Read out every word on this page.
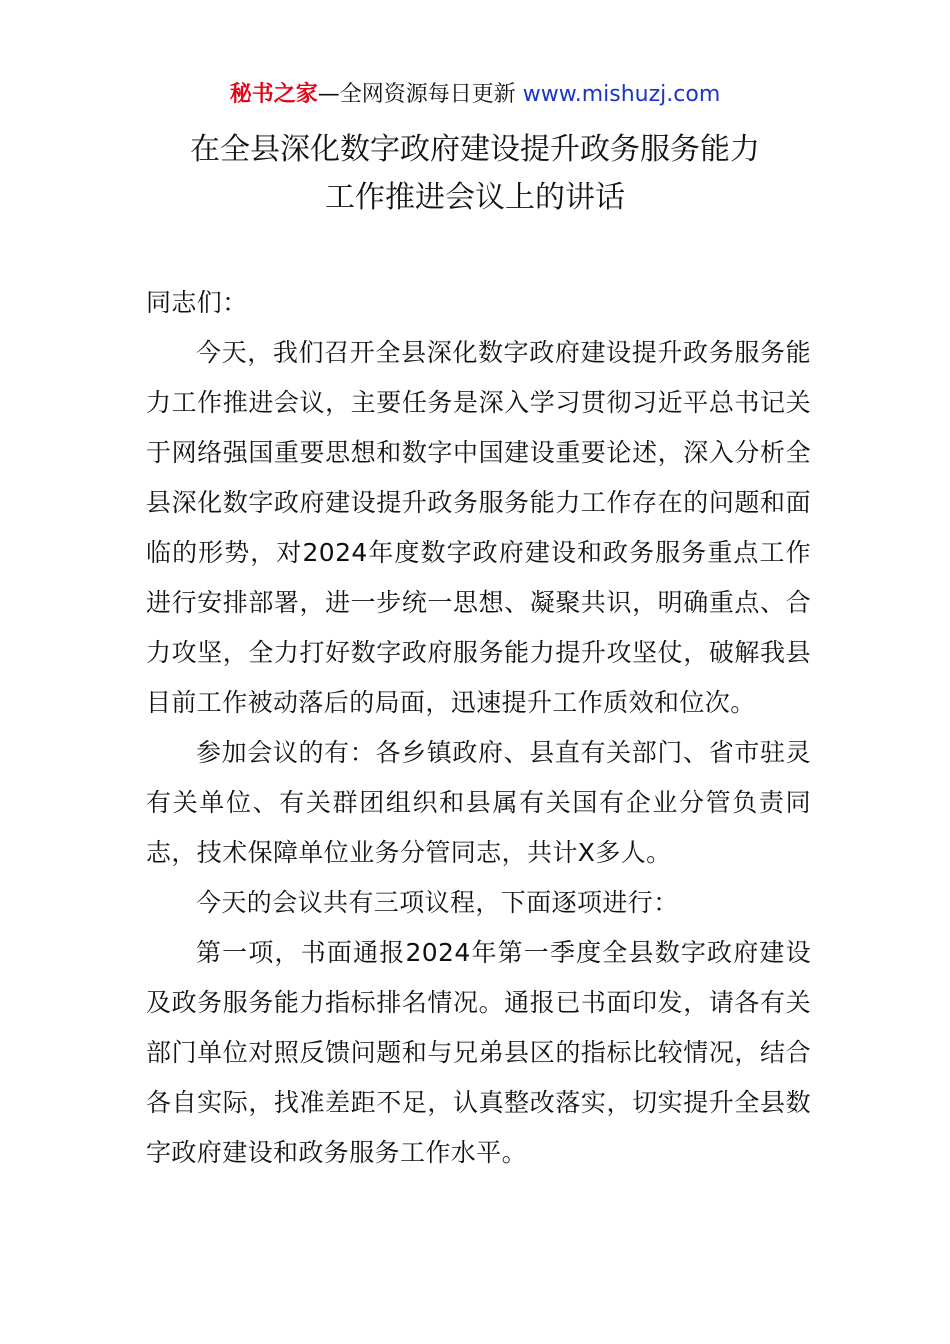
秘书之家—全网资源每日更新 www.mishuzj.com
在全县深化数字政府建设提升政务服务能力
工作推进会议上的讲话

同志们：

今天，我们召开全县深化数字政府建设提升政务服务能力工作推进会议，主要任务是深入学习贯彻习近平总书记关于网络强国重要思想和数字中国建设重要论述，深入分析全县深化数字政府建设提升政务服务能力工作存在的问题和面临的形势，对2024年度数字政府建设和政务服务重点工作进行安排部署，进一步统一思想、凝聚共识，明确重点、合力攻坚，全力打好数字政府服务能力提升攻坚仗，破解我县目前工作被动落后的局面，迅速提升工作质效和位次。

参加会议的有：各乡镇政府、县直有关部门、省市驻灵有关单位、有关群团组织和县属有关国有企业分管负责同志，技术保障单位业务分管同志，共计X多人。

今天的会议共有三项议程，下面逐项进行：

第一项，书面通报2024年第一季度全县数字政府建设及政务服务能力指标排名情况。通报已书面印发，请各有关部门单位对照反馈问题和与兄弟县区的指标比较情况，结合各自实际，找准差距不足，认真整改落实，切实提升全县数字政府建设和政务服务工作水平。
